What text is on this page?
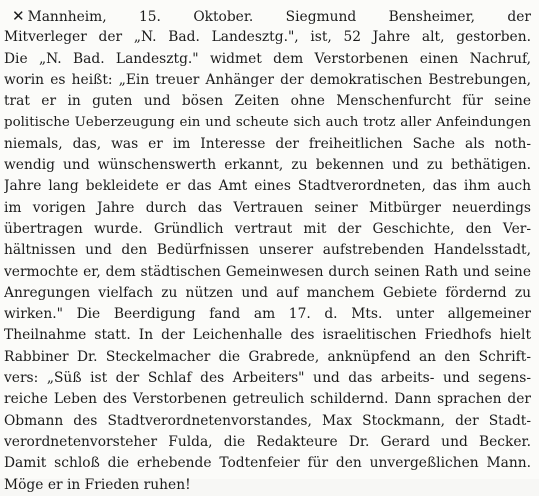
✕ Mannheim, 15. Oktober. Siegmund Bensheimer, der
Mitverleger der „N. Bad. Landesztg.", ist, 52 Jahre alt, gestorben.
Die „N. Bad. Landesztg." widmet dem Verstorbenen einen Nachruf,
worin es heißt: „Ein treuer Anhänger der demokratischen Bestrebungen,
trat er in guten und bösen Zeiten ohne Menschenfurcht für seine
politische Ueberzeugung ein und scheute sich auch trotz aller Anfeindungen
niemals, das, was er im Interesse der freiheitlichen Sache als noth-
wendig und wünschenswerth erkannt, zu bekennen und zu bethätigen.
Jahre lang bekleidete er das Amt eines Stadtverordneten, das ihm auch
im vorigen Jahre durch das Vertrauen seiner Mitbürger neuerdings
übertragen wurde. Gründlich vertraut mit der Geschichte, den Ver-
hältnissen und den Bedürfnissen unserer aufstrebenden Handelsstadt,
vermochte er, dem städtischen Gemeinwesen durch seinen Rath und seine
Anregungen vielfach zu nützen und auf manchem Gebiete fördernd zu
wirken." Die Beerdigung fand am 17. d. Mts. unter allgemeiner
Theilnahme statt. In der Leichenhalle des israelitischen Friedhofs hielt
Rabbiner Dr. Steckelmacher die Grabrede, anknüpfend an den Schrift-
vers: „Süß ist der Schlaf des Arbeiters" und das arbeits- und segens-
reiche Leben des Verstorbenen getreulich schildernd. Dann sprachen der
Obmann des Stadtverordnetenvorstandes, Max Stockmann, der Stadt-
verordnetenvorsteher Fulda, die Redakteure Dr. Gerard und Becker.
Damit schloß die erhebende Todtenfeier für den unvergeßlichen Mann.
Möge er in Frieden ruhen!
